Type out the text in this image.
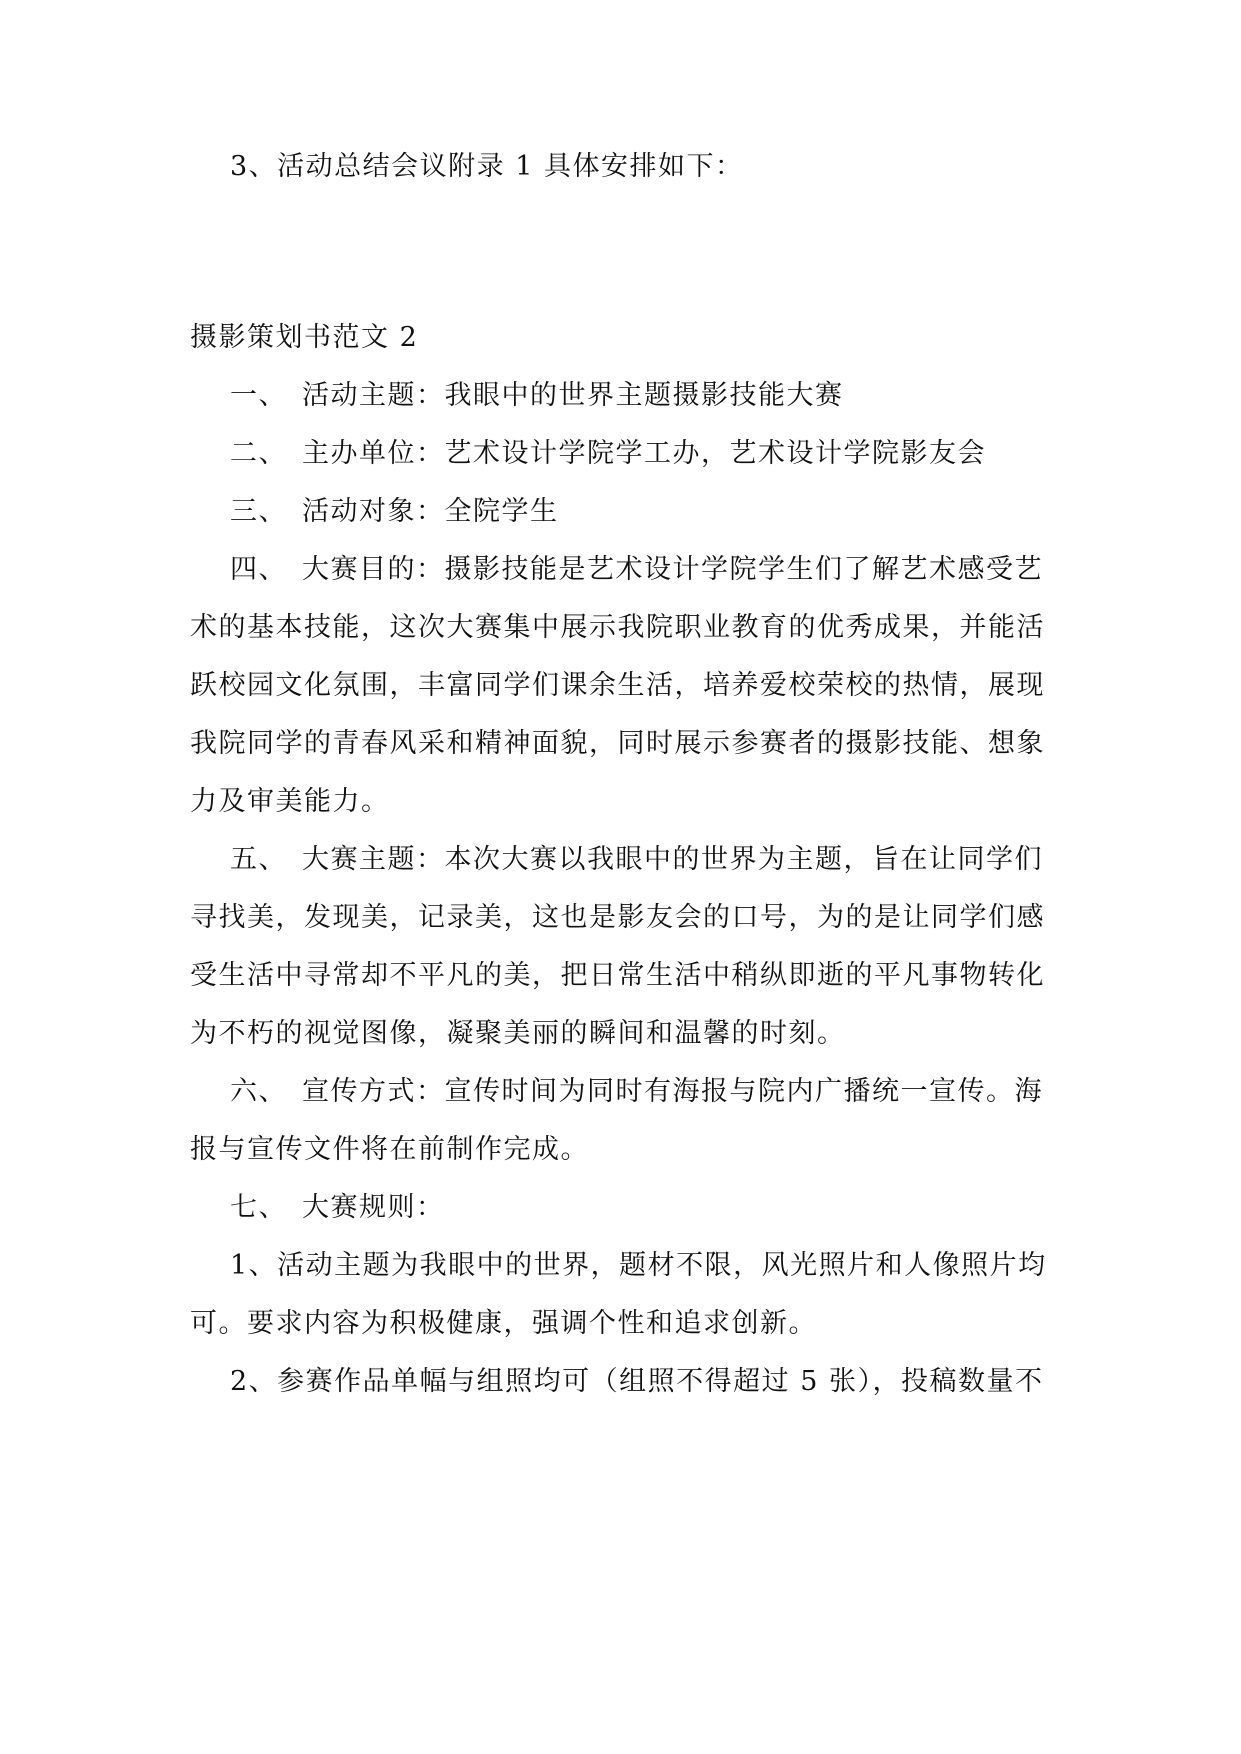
3、活动总结会议附录 1 具体安排如下：
摄影策划书范文 2
一、 活动主题：我眼中的世界主题摄影技能大赛
二、 主办单位：艺术设计学院学工办，艺术设计学院影友会
三、 活动对象：全院学生
四、 大赛目的：摄影技能是艺术设计学院学生们了解艺术感受艺
术的基本技能，这次大赛集中展示我院职业教育的优秀成果，并能活
跃校园文化氛围，丰富同学们课余生活，培养爱校荣校的热情，展现
我院同学的青春风采和精神面貌，同时展示参赛者的摄影技能、想象
力及审美能力。
五、 大赛主题：本次大赛以我眼中的世界为主题，旨在让同学们
寻找美，发现美，记录美，这也是影友会的口号，为的是让同学们感
受生活中寻常却不平凡的美，把日常生活中稍纵即逝的平凡事物转化
为不朽的视觉图像，凝聚美丽的瞬间和温馨的时刻。
六、 宣传方式：宣传时间为同时有海报与院内广播统一宣传。海
报与宣传文件将在前制作完成。
七、 大赛规则：
1、活动主题为我眼中的世界，题材不限，风光照片和人像照片均
可。要求内容为积极健康，强调个性和追求创新。
2、参赛作品单幅与组照均可（组照不得超过 5 张），投稿数量不
